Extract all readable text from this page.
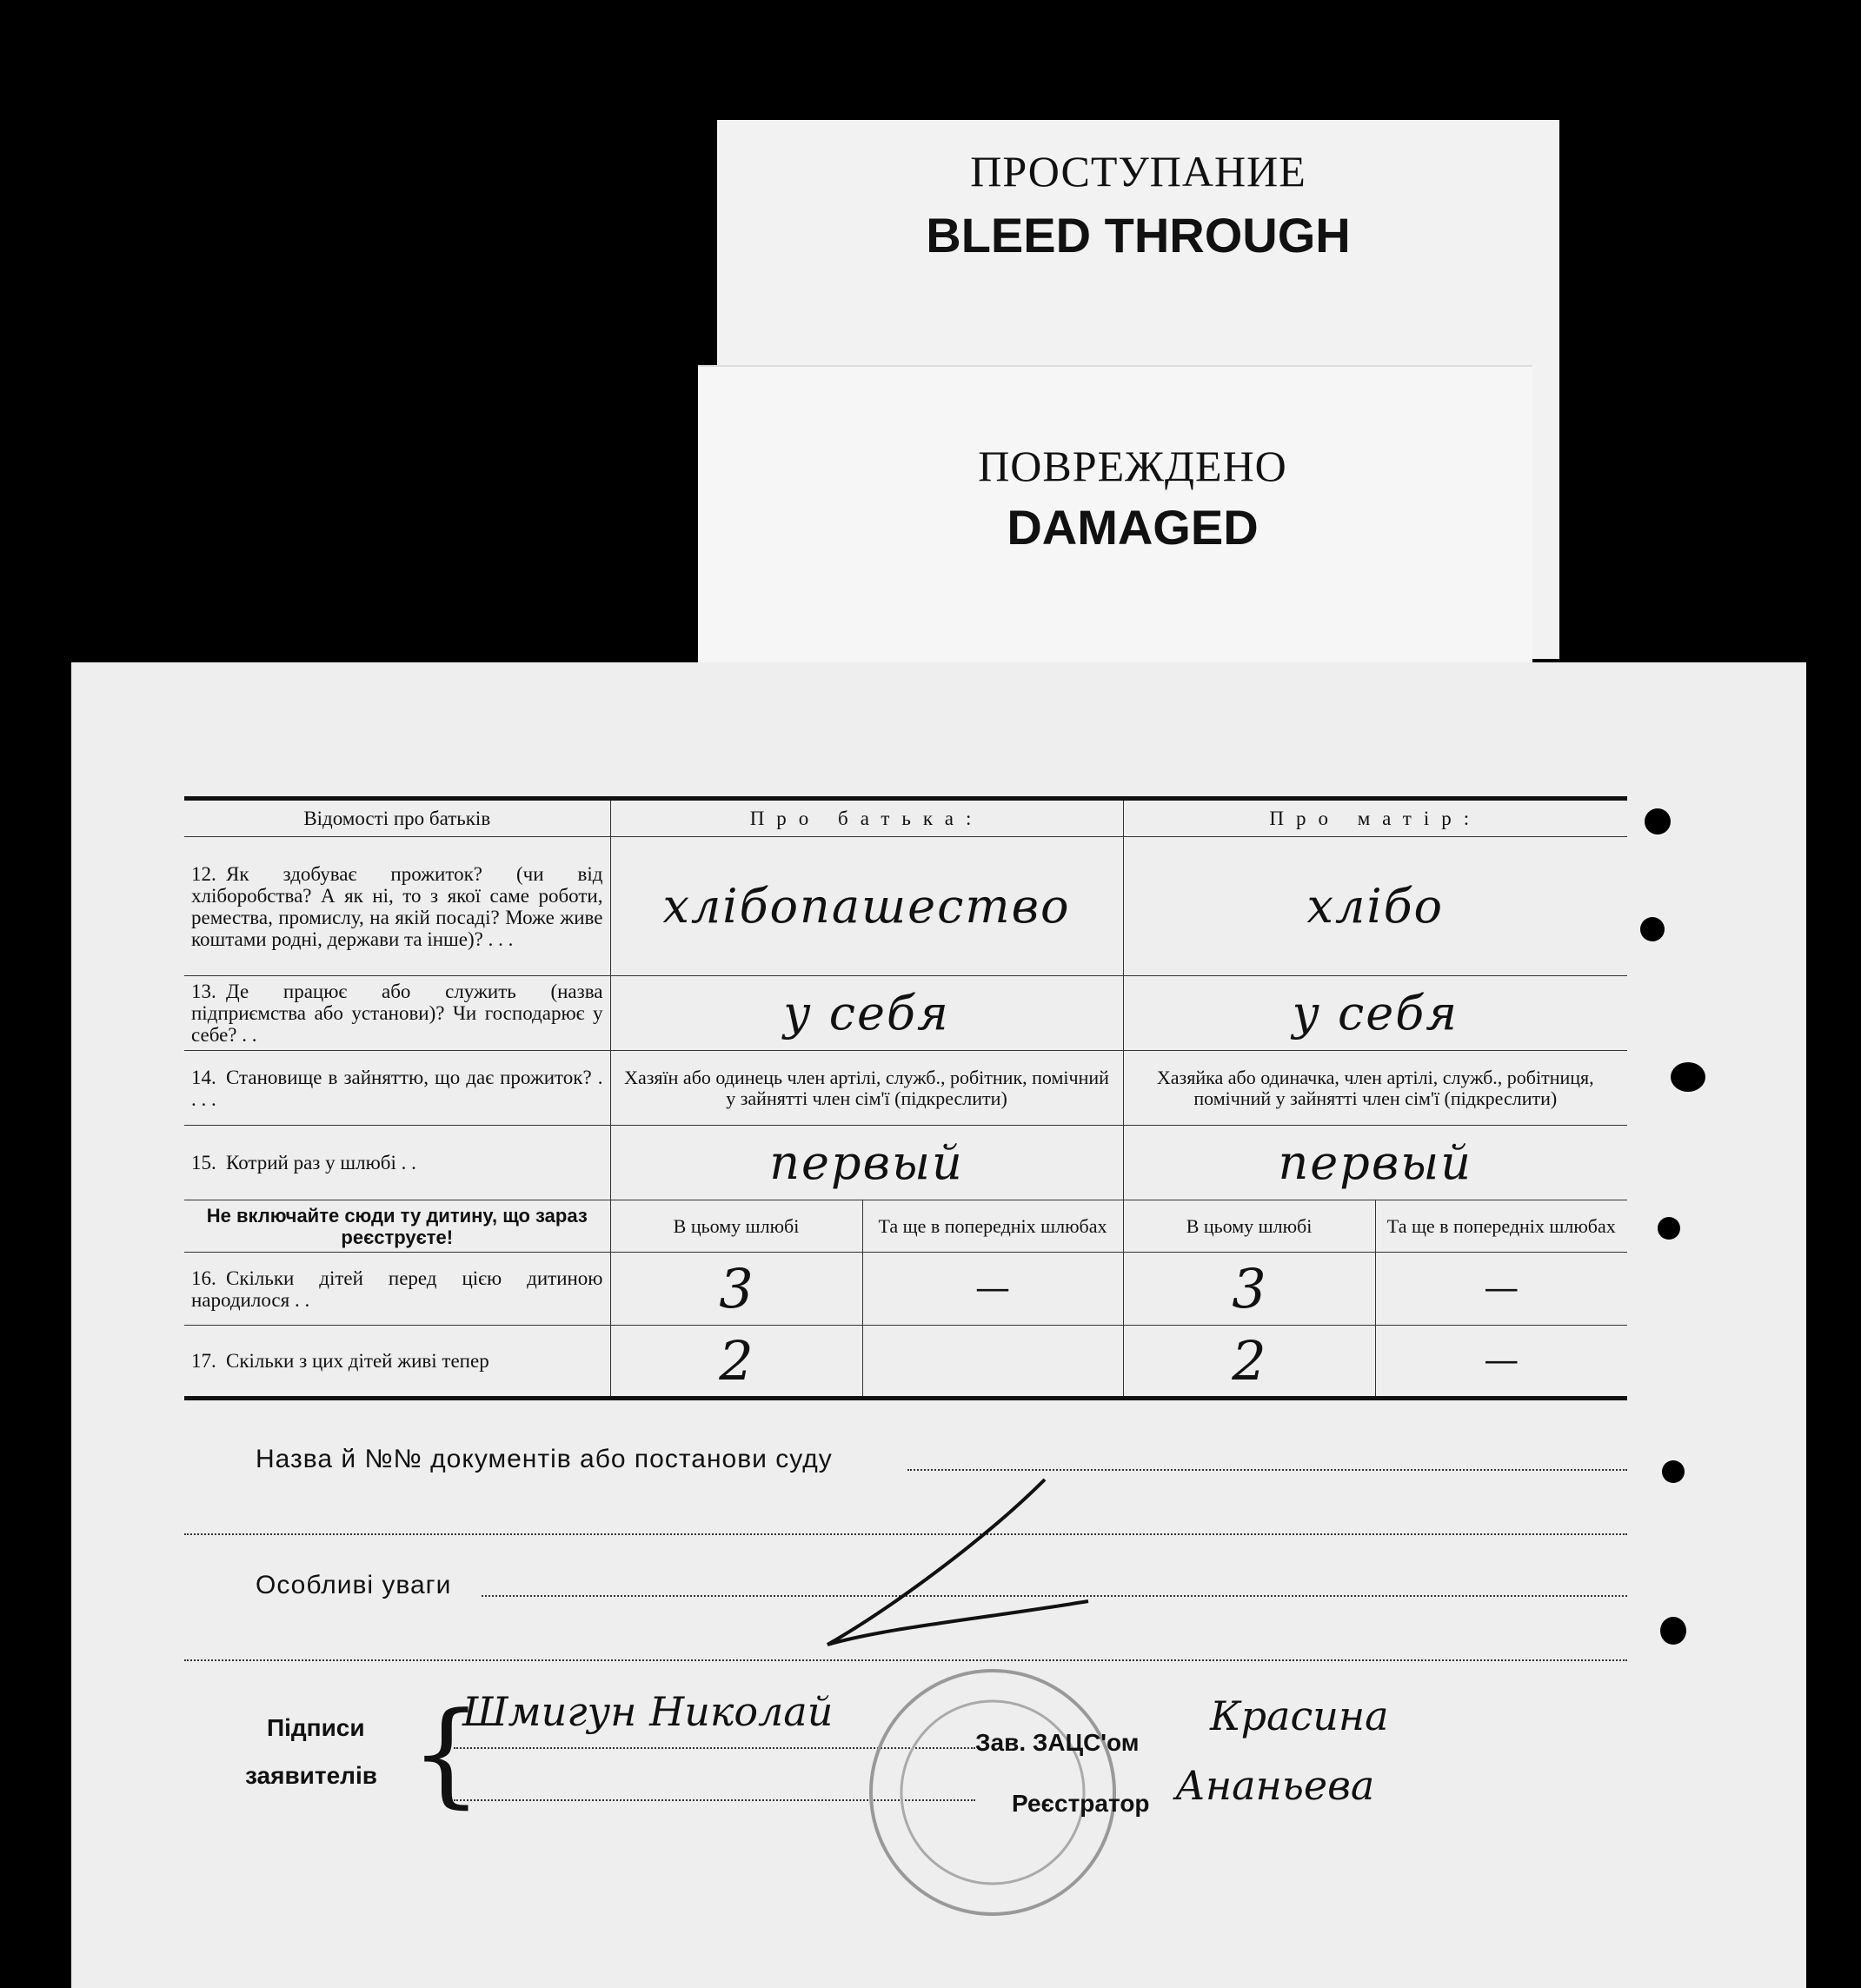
ПРОСТУПАНИЕ
BLEED THROUGH
ПОВРЕЖДЕНО
DAMAGED
Відомості про батьків	Про батька:		Про матір:	
12. Як здобуває прожиток? (чи від хліборобства? А як ні, то з якої саме роботи, ремества, промислу, на якій посаді? Може живе коштами родні, держави та інше)? . . .	хлібопашество		хлібо	
13. Де працює або служить (назва підприємства або установи)? Чи господарює у себе? . .	у себя		у себя	
14. Становище в зайняттю, що дає прожиток? . . . .	Хазяїн або одинець член артілі, служб., робітник, помічний у зайнятті член сім'ї (підкреслити)		Хазяйка або одиначка, член артілі, служб., робітниця, помічний у зайнятті член сім'ї (підкреслити)	
15. Котрий раз у шлюбі . .	первый		первый	
Не включайте сюди ту дитину, що зараз реєструєте!	В цьому шлюбі	Та ще в попередніх шлюбах	В цьому шлюбі	Та ще в попередніх шлюбах
16. Скільки дітей перед цією дитиною народилося . .	3	—	3	—
17. Скільки з цих дітей живі тепер	2		2	—
Назва й №№ документів або постанови суду
Особливі уваги
Підписи
заявителів {
Шмигун Николай
Зав. ЗАЦС'ом
Красина
Реєстратор Ананьева
